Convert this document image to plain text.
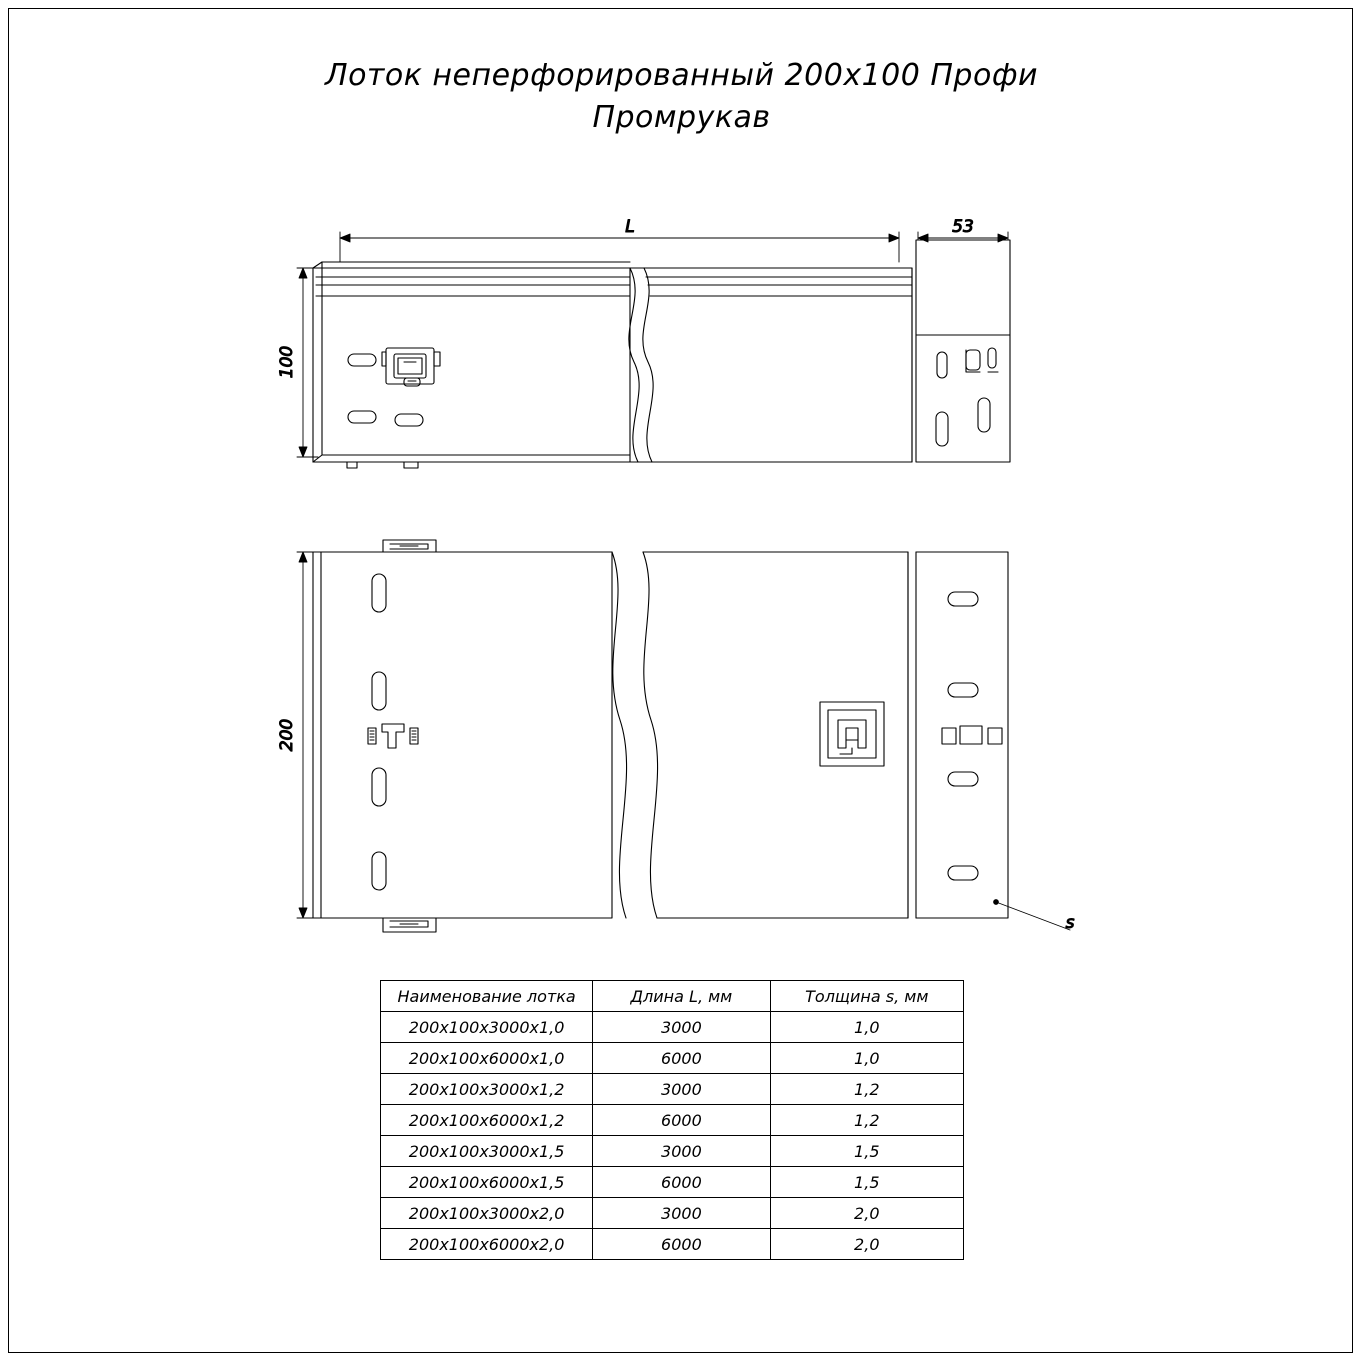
Лоток неперфорированный 200x100 Профи
Промрукав
L	53
100
200
s
Наименование лотка	Длина L, мм	Толщина s, мм
200х100х3000х1,0	3000	1,0
200х100х6000х1,0	6000	1,0
200х100х3000х1,2	3000	1,2
200х100х6000х1,2	6000	1,2
200х100х3000х1,5	3000	1,5
200х100х6000х1,5	6000	1,5
200х100х3000х2,0	3000	2,0
200х100х6000х2,0	6000	2,0
